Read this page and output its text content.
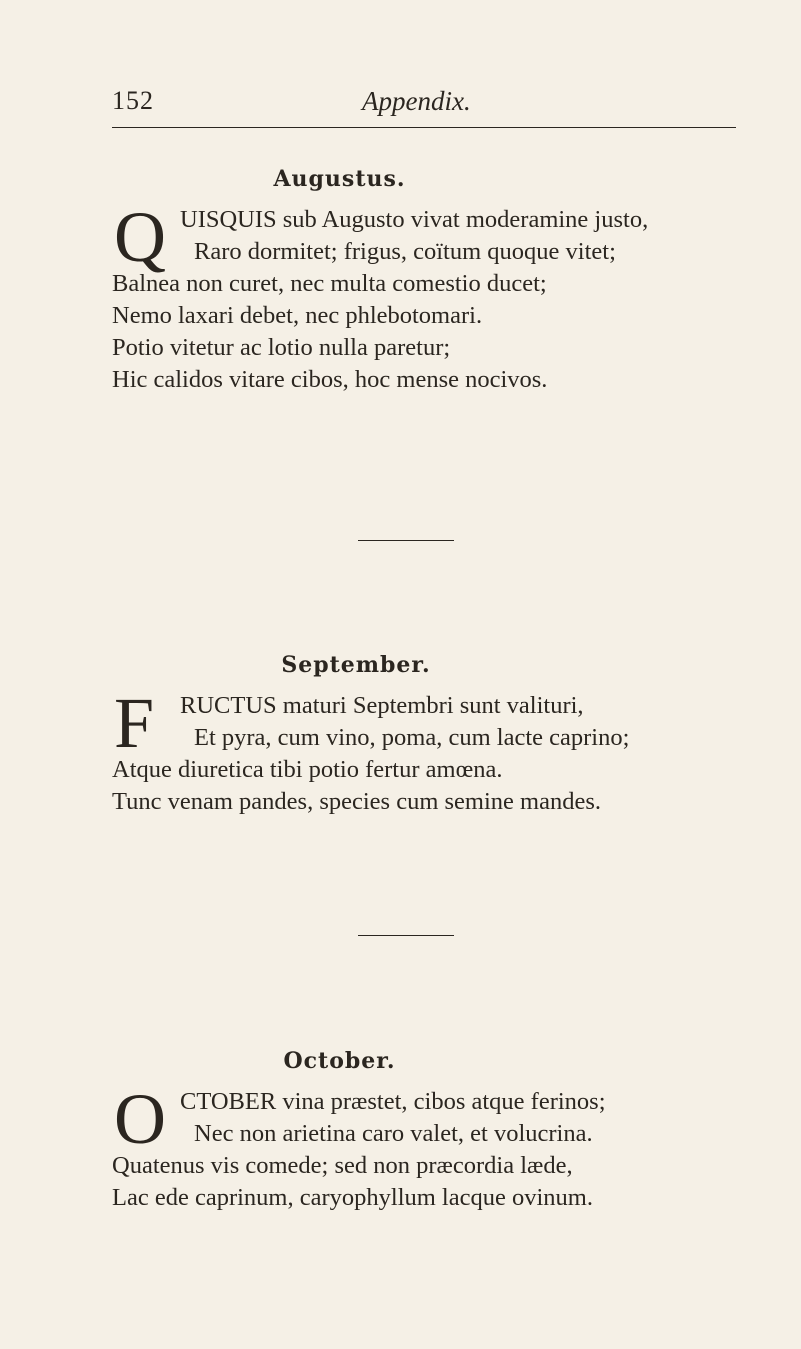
152	Appendix.

Augustus.

Q UISQUIS sub Augusto vivat moderamine justo,
Raro dormitet; frigus, coïtum quoque vitet;
Balnea non curet, nec multa comestio ducet;
Nemo laxari debet, nec phlebotomari.
Potio vitetur ac lotio nulla paretur;
Hic calidos vitare cibos, hoc mense nocivos.

September.

F RUCTUS maturi Septembri sunt valituri,
Et pyra, cum vino, poma, cum lacte caprino;
Atque diuretica tibi potio fertur amœna.
Tunc venam pandes, species cum semine mandes.

October.

O CTOBER vina præstet, cibos atque ferinos;
Nec non arietina caro valet, et volucrina.
Quatenus vis comede; sed non præcordia læde,
Lac ede caprinum, caryophyllum lacque ovinum.
